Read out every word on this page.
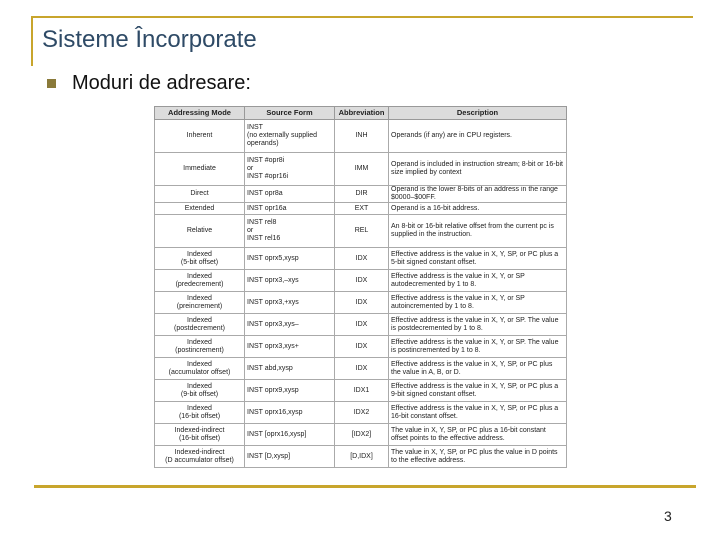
Sisteme Încorporate
Moduri de adresare:
Addressing Mode	Source Form	Abbreviation	Description

Inherent	INST
(no externally supplied
operands)	INH	Operands (if any) are in CPU registers.

Immediate	INST #opr8i
or
INST #opr16i	IMM	Operand is included in instruction stream; 8-bit or 16-bit size implied by context

Direct	INST opr8a	DIR	Operand is the lower 8-bits of an address in the range $0000–$00FF.

Extended	INST opr16a	EXT	Operand is a 16-bit address.

Relative	INST rel8
or
INST rel16	REL	An 8-bit or 16-bit relative offset from the current pc is supplied in the instruction.

Indexed
(5-bit offset)	INST oprx5,xysp	IDX	Effective address is the value in X, Y, SP, or PC plus a 5-bit signed constant offset.

Indexed
(predecrement)	INST oprx3,–xys	IDX	Effective address is the value in X, Y, or SP autodecremented by 1 to 8.

Indexed
(preincrement)	INST oprx3,+xys	IDX	Effective address is the value in X, Y, or SP autoincremented by 1 to 8.

Indexed
(postdecrement)	INST oprx3,xys–	IDX	Effective address is the value in X, Y, or SP. The value is postdecremented by 1 to 8.

Indexed
(postincrement)	INST oprx3,xys+	IDX	Effective address is the value in X, Y, or SP. The value is postincremented by 1 to 8.

Indexed
(accumulator offset)	INST abd,xysp	IDX	Effective address is the value in X, Y, SP, or PC plus the value in A, B, or D.

Indexed
(9-bit offset)	INST oprx9,xysp	IDX1	Effective address is the value in X, Y, SP, or PC plus a 9-bit signed constant offset.

Indexed
(16-bit offset)	INST oprx16,xysp	IDX2	Effective address is the value in X, Y, SP, or PC plus a 16-bit constant offset.

Indexed-indirect
(16-bit offset)	INST [oprx16,xysp]	[IDX2]	The value in X, Y, SP, or PC plus a 16-bit constant offset points to the effective address.

Indexed-indirect
(D accumulator offset)	INST [D,xysp]	[D,IDX]	The value in X, Y, SP, or PC plus the value in D points to the effective address.
3
